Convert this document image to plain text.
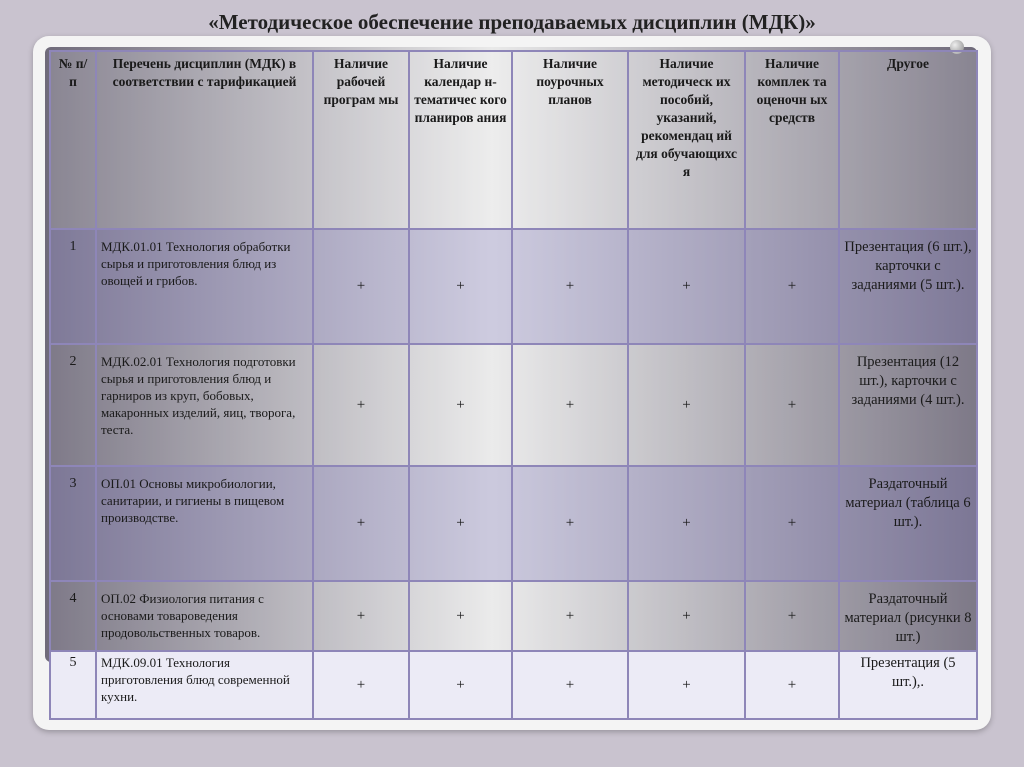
«Методическое обеспечение преподаваемых дисциплин (МДК)»
№ п/п	Перечень дисциплин (МДК) в соответствии с тарификацией	Наличие рабочей програм мы	Наличие календар н-тематичес кого планиров ания	Наличие поурочных планов	Наличие методическ их пособий, указаний, рекомендац ий для обучающихс я	Наличие комплек та оценочн ых средств	Другое
1	МДК.01.01 Технология обработки сырья и приготовления блюд из овощей и грибов.	+	+	+	+	+	Презентация (6 шт.), карточки с заданиями (5 шт.).
2	МДК.02.01 Технология подготовки сырья и приготовления блюд и гарниров из круп, бобовых, макаронных изделий, яиц, творога, теста.	+	+	+	+	+	Презентация (12 шт.), карточки с заданиями (4 шт.).
3	ОП.01 Основы микробиологии, санитарии, и гигиены в пищевом производстве.	+	+	+	+	+	Раздаточный материал (таблица 6 шт.).
4	ОП.02 Физиология питания с основами товароведения продовольственных товаров.	+	+	+	+	+	Раздаточный материал (рисунки 8 шт.)
5	МДК.09.01 Технология приготовления блюд современной кухни.	+	+	+	+	+	Презентация (5 шт.),.
